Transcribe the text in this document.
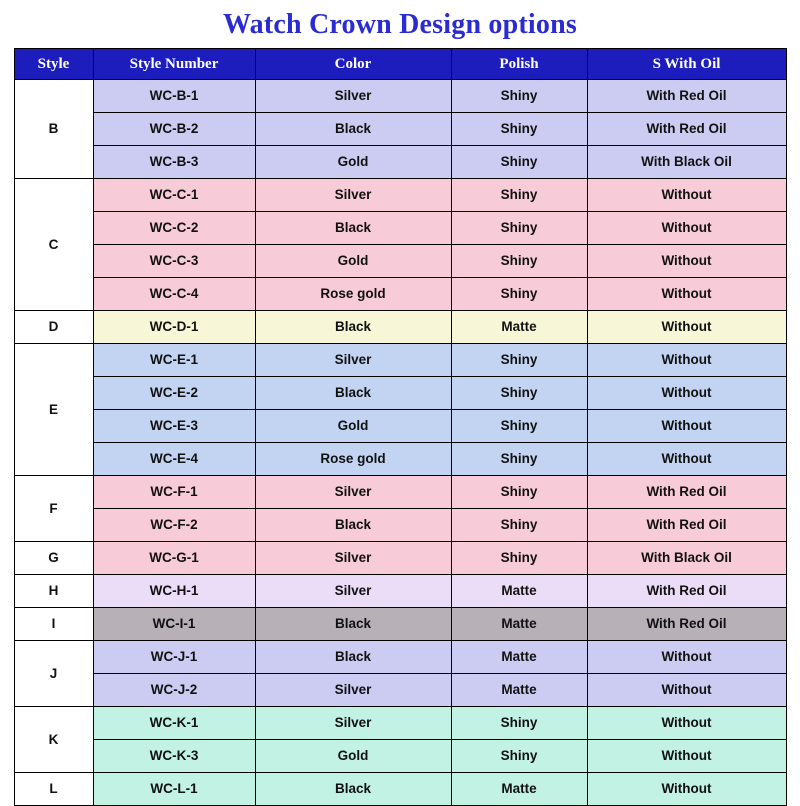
Watch Crown Design options
Style	Style Number	Color	Polish	S With Oil
B	WC-B-1	Silver	Shiny	With Red Oil
	WC-B-2	Black	Shiny	With Red Oil
	WC-B-3	Gold	Shiny	With Black Oil
C	WC-C-1	Silver	Shiny	Without
	WC-C-2	Black	Shiny	Without
	WC-C-3	Gold	Shiny	Without
	WC-C-4	Rose gold	Shiny	Without
D	WC-D-1	Black	Matte	Without
E	WC-E-1	Silver	Shiny	Without
	WC-E-2	Black	Shiny	Without
	WC-E-3	Gold	Shiny	Without
	WC-E-4	Rose gold	Shiny	Without
F	WC-F-1	Silver	Shiny	With Red Oil
	WC-F-2	Black	Shiny	With Red Oil
G	WC-G-1	Silver	Shiny	With Black Oil
H	WC-H-1	Silver	Matte	With Red Oil
I	WC-I-1	Black	Matte	With Red Oil
J	WC-J-1	Black	Matte	Without
	WC-J-2	Silver	Matte	Without
K	WC-K-1	Silver	Shiny	Without
	WC-K-3	Gold	Shiny	Without
L	WC-L-1	Black	Matte	Without
